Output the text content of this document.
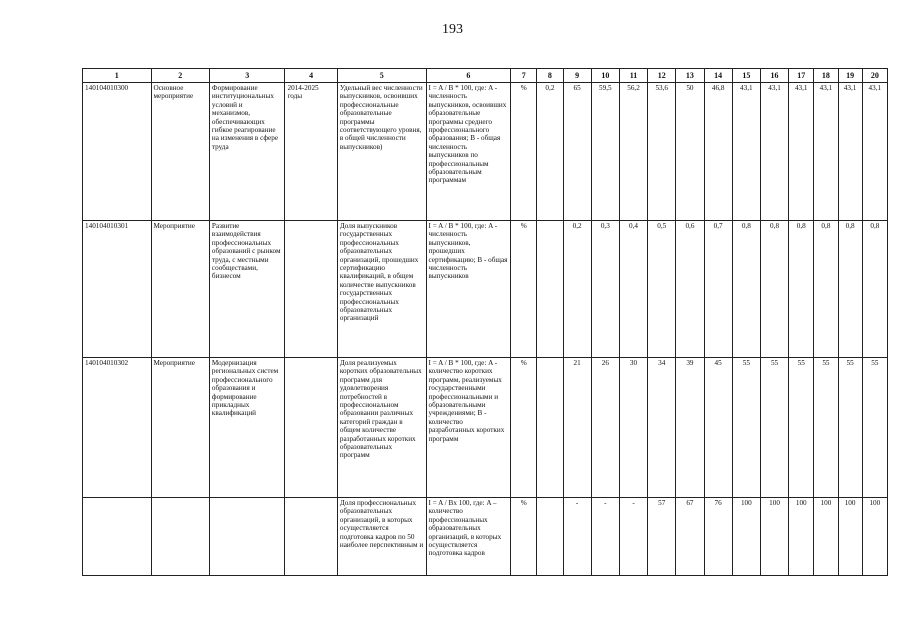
193
1	2	3	4	5	6	7	8	9	10	11	12	13	14	15	16	17	18	19	20
140104010300	Основное мероприятие	Формирование институциональных условий и механизмов, обеспечивающих гибкое реагирование на изменения в сфере труда	2014-2025 годы	Удельный вес численности выпускников, освоивших профессиональные образовательные программы соответствующего уровня, в общей численности выпускников)	I = A / B * 100, где: A - численность выпускников, освоивших образовательные программы среднего профессионального образования; B - общая численность выпускников по профессиональным образовательным программам	%	0,2	65	59,5	56,2	53,6	50	46,8	43,1	43,1	43,1	43,1	43,1	43,1
140104010301	Мероприятие	Развитие взаимодействия профессиональных образований с рынком труда, с местными сообществами, бизнесом		Доля выпускников государственных профессиональных образовательных организаций, прошедших сертификацию квалификаций, в общем количестве выпускников государственных профессиональных образовательных организаций	I = A / B * 100, где: A - численность выпускников, прошедших сертификацию; B - общая численность выпускников	%		0,2	0,3	0,4	0,5	0,6	0,7	0,8	0,8	0,8	0,8	0,8	0,8
140104010302	Мероприятие	Модернизация региональных систем профессионального образования и формирование прикладных квалификаций		Доля реализуемых коротких образовательных программ для удовлетворения потребностей в профессиональном образовании различных категорий граждан в общем количестве разработанных коротких образовательных программ	I = A / B * 100, где: A - количество коротких программ, реализуемых государственными профессиональными и образовательными учреждениями; B - количество разработанных коротких программ	%		21	26	30	34	39	45	55	55	55	55	55	55
				Доля профессиональных образовательных организаций, в которых осуществляется подготовка кадров по 50 наиболее перспективным и	I = A / Bx 100, где: A – количество профессиональных образовательных организаций, в которых осуществляется подготовка кадров	%		-	-	-	57	67	76	100	100	100	100	100	100
